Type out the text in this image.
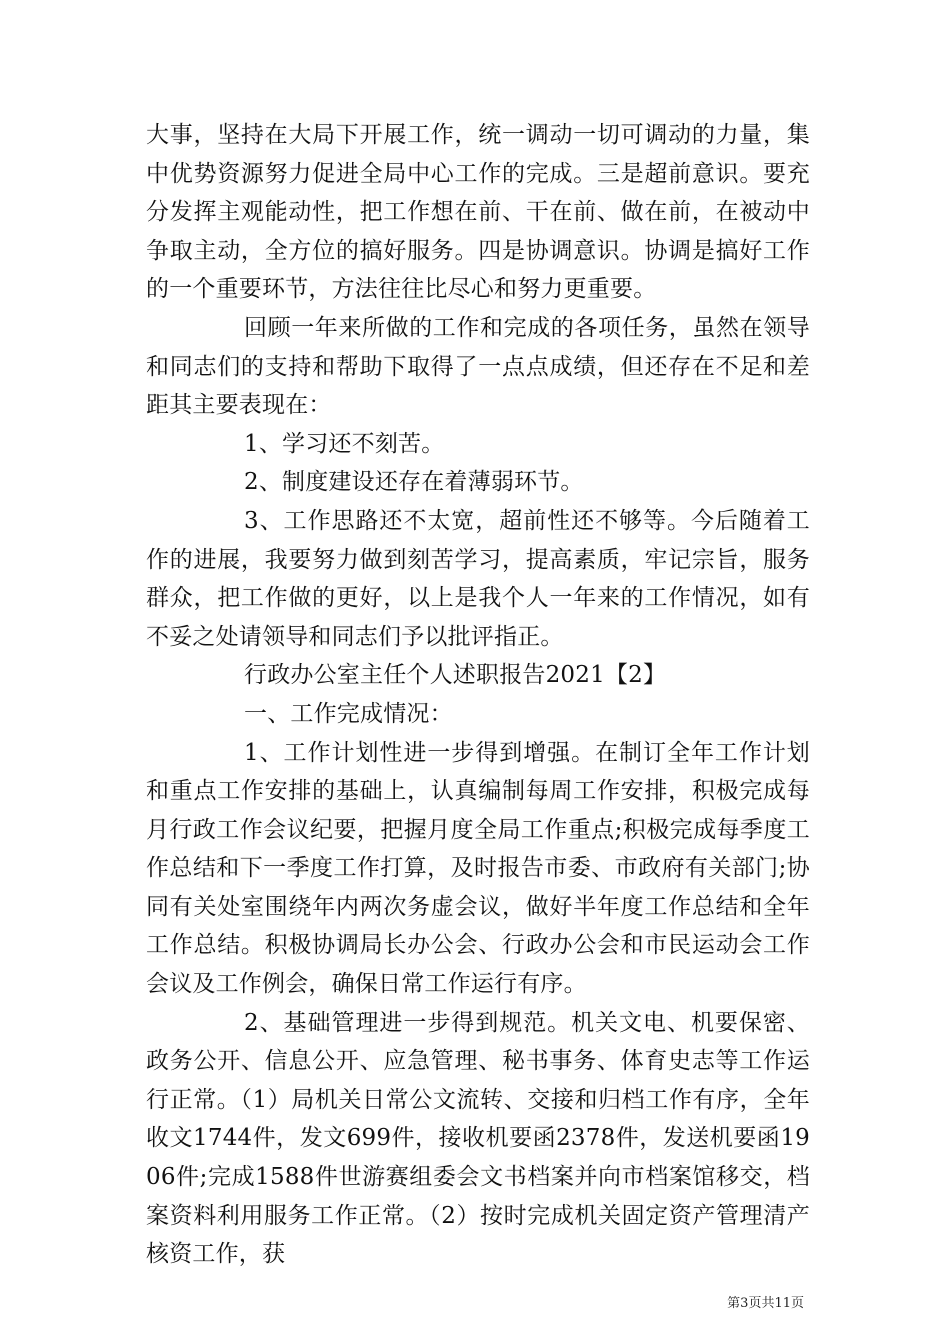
大事，坚持在大局下开展工作，统一调动一切可调动的力量，集中优势资源努力促进全局中心工作的完成。三是超前意识。要充分发挥主观能动性，把工作想在前、干在前、做在前，在被动中争取主动，全方位的搞好服务。四是协调意识。协调是搞好工作的一个重要环节，方法往往比尽心和努力更重要。

回顾一年来所做的工作和完成的各项任务，虽然在领导和同志们的支持和帮助下取得了一点点成绩，但还存在不足和差距其主要表现在：

1、学习还不刻苦。

2、制度建设还存在着薄弱环节。

3、工作思路还不太宽，超前性还不够等。今后随着工作的进展，我要努力做到刻苦学习，提高素质，牢记宗旨，服务群众，把工作做的更好，以上是我个人一年来的工作情况，如有不妥之处请领导和同志们予以批评指正。

行政办公室主任个人述职报告2021【2】

一、工作完成情况：

1、工作计划性进一步得到增强。在制订全年工作计划和重点工作安排的基础上，认真编制每周工作安排，积极完成每月行政工作会议纪要，把握月度全局工作重点;积极完成每季度工作总结和下一季度工作打算，及时报告市委、市政府有关部门;协同有关处室围绕年内两次务虚会议，做好半年度工作总结和全年工作总结。积极协调局长办公会、行政办公会和市民运动会工作会议及工作例会，确保日常工作运行有序。

2、基础管理进一步得到规范。机关文电、机要保密、政务公开、信息公开、应急管理、秘书事务、体育史志等工作运行正常。（1）局机关日常公文流转、交接和归档工作有序，全年收文1744件，发文699件，接收机要函2378件，发送机要函1906件;完成1588件世游赛组委会文书档案并向市档案馆移交，档案资料利用服务工作正常。（2）按时完成机关固定资产管理清产核资工作，获

第3页共11页
